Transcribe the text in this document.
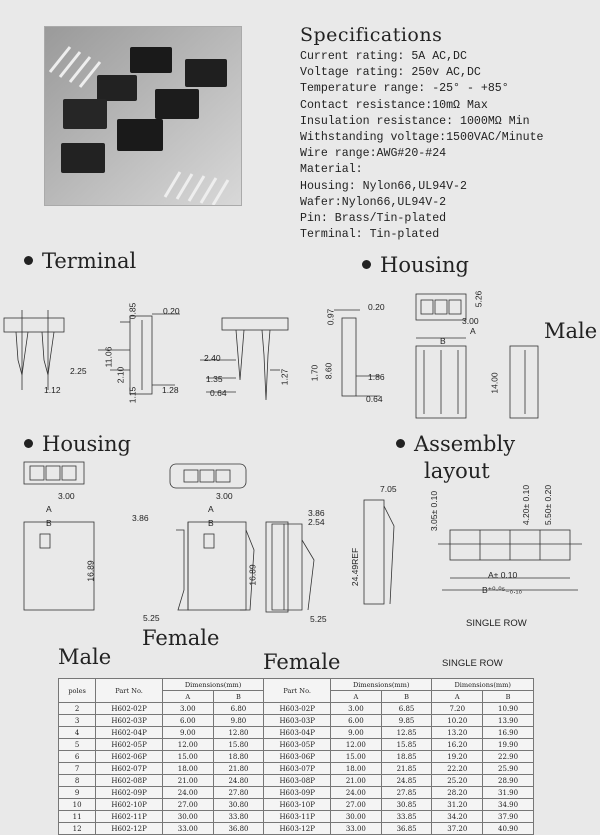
Specifications
Current rating: 5A AC,DC
Voltage rating: 250v AC,DC
Temperature range: -25° - +85°
Contact resistance:10mΩ Max
Insulation resistance: 1000MΩ Min
Withstanding voltage:1500VAC/Minute
Wire range:AWG#20-#24
Material:
Housing: Nylon66,UL94V-2
Wafer:Nylon66,UL94V-2
Pin: Brass/Tin-plated
Terminal: Tin-plated
Terminal	Housing
Housing	Assembly
layout
Male
Female
Male	Female
SINGLE ROW
SINGLE ROW
0.20
0.85
11.06
2.10
2.25
1.12	1.15	1.28
2.40
1.35
0.64
1.27
0.20
0.97
1.70 8.60	1.86
0.64
5.26
3.00
A
B
14.00
3.00
A
B	3.86
16.89
5.25
3.00
A
B
3.86
2.54
16.89
5.25
7.05
24.49REF
3.05± 0.10	4.20± 0.10 5.50± 0.20
A± 0.10
B⁺⁰⋅⁰⁵₋₀.₁₀
poles	Part No.	Dimensions(mm)		Part No.	Dimensions(mm)		Dimensions(mm)	
		A	B		A	B	A	B
2	H602-02P	3.00	6.80	H603-02P	3.00	6.85	7.20	10.90
3	H602-03P	6.00	9.80	H603-03P	6.00	9.85	10.20	13.90
4	H602-04P	9.00	12.80	H603-04P	9.00	12.85	13.20	16.90
5	H602-05P	12.00	15.80	H603-05P	12.00	15.85	16.20	19.90
6	H602-06P	15.00	18.80	H603-06P	15.00	18.85	19.20	22.90
7	H602-07P	18.00	21.80	H603-07P	18.00	21.85	22.20	25.90
8	H602-08P	21.00	24.80	H603-08P	21.00	24.85	25.20	28.90
9	H602-09P	24.00	27.80	H603-09P	24.00	27.85	28.20	31.90
10	H602-10P	27.00	30.80	H603-10P	27.00	30.85	31.20	34.90
11	H602-11P	30.00	33.80	H603-11P	30.00	33.85	34.20	37.90
12	H602-12P	33.00	36.80	H603-12P	33.00	36.85	37.20	40.90
